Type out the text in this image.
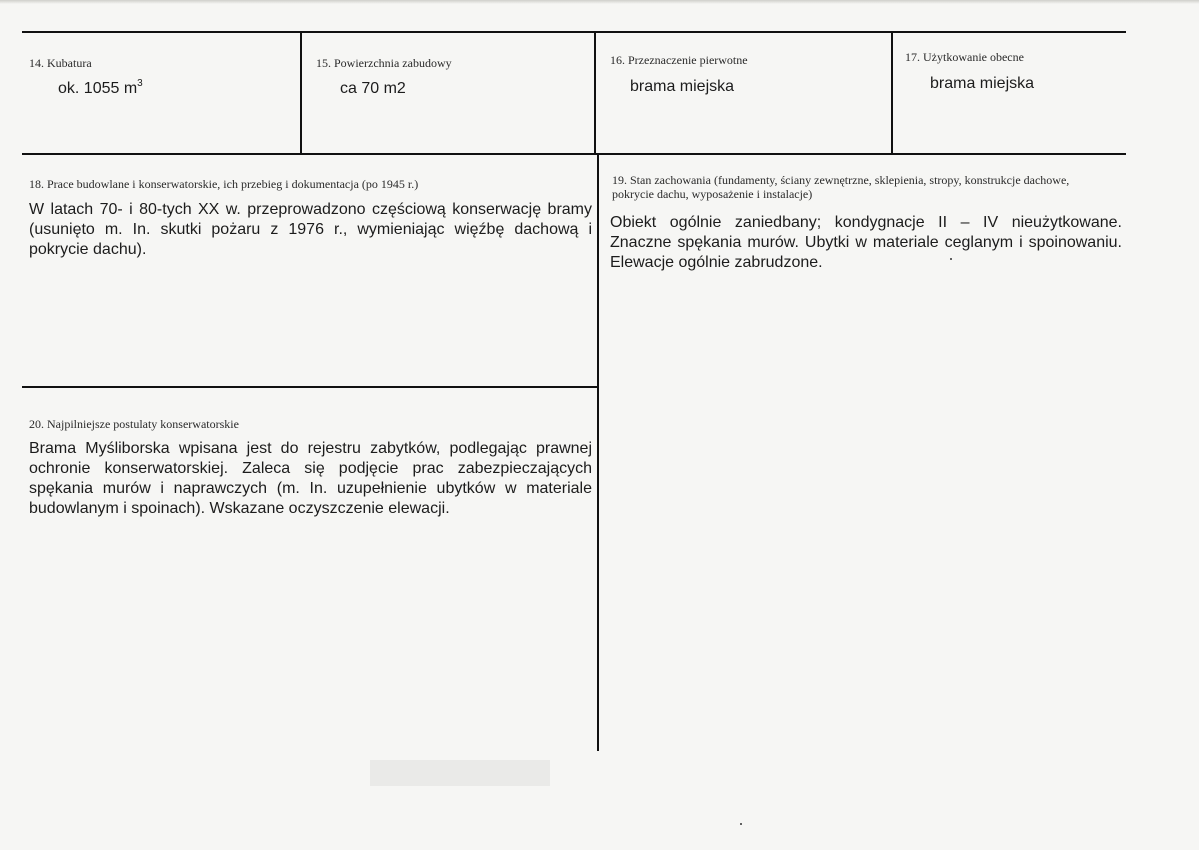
14. Kubatura
ok. 1055 $m^3$
15. Powierzchnia zabudowy
ca 70 m2
16. Przeznaczenie pierwotne
brama miejska
17. Użytkowanie obecne
brama miejska
18. Prace budowlane i konserwatorskie, ich przebieg i dokumentacja (po 1945 r.)
W latach 70- i 80-tych XX w. przeprowadzono częściową konserwację bramy (usunięto m. In. skutki pożaru z 1976 r., wymieniając więźbę dachową i pokrycie dachu).
19. Stan zachowania (fundamenty, ściany zewnętrzne, sklepienia, stropy, konstrukcje dachowe, pokrycie dachu, wyposażenie i instalacje)
Obiekt ogólnie zaniedbany; kondygnacje II – IV nieużytkowane. Znaczne spękania murów. Ubytki w materiale ceglanym i spoinowaniu. Elewacje ogólnie zabrudzone.
20. Najpilniejsze postulaty konserwatorskie
Brama Myśliborska wpisana jest do rejestru zabytków, podlegając prawnej ochronie konserwatorskiej. Zaleca się podjęcie prac zabezpieczających spękania murów i naprawczych (m. In. uzupełnienie ubytków w materiale budowlanym i spoinach). Wskazane oczyszczenie elewacji.
